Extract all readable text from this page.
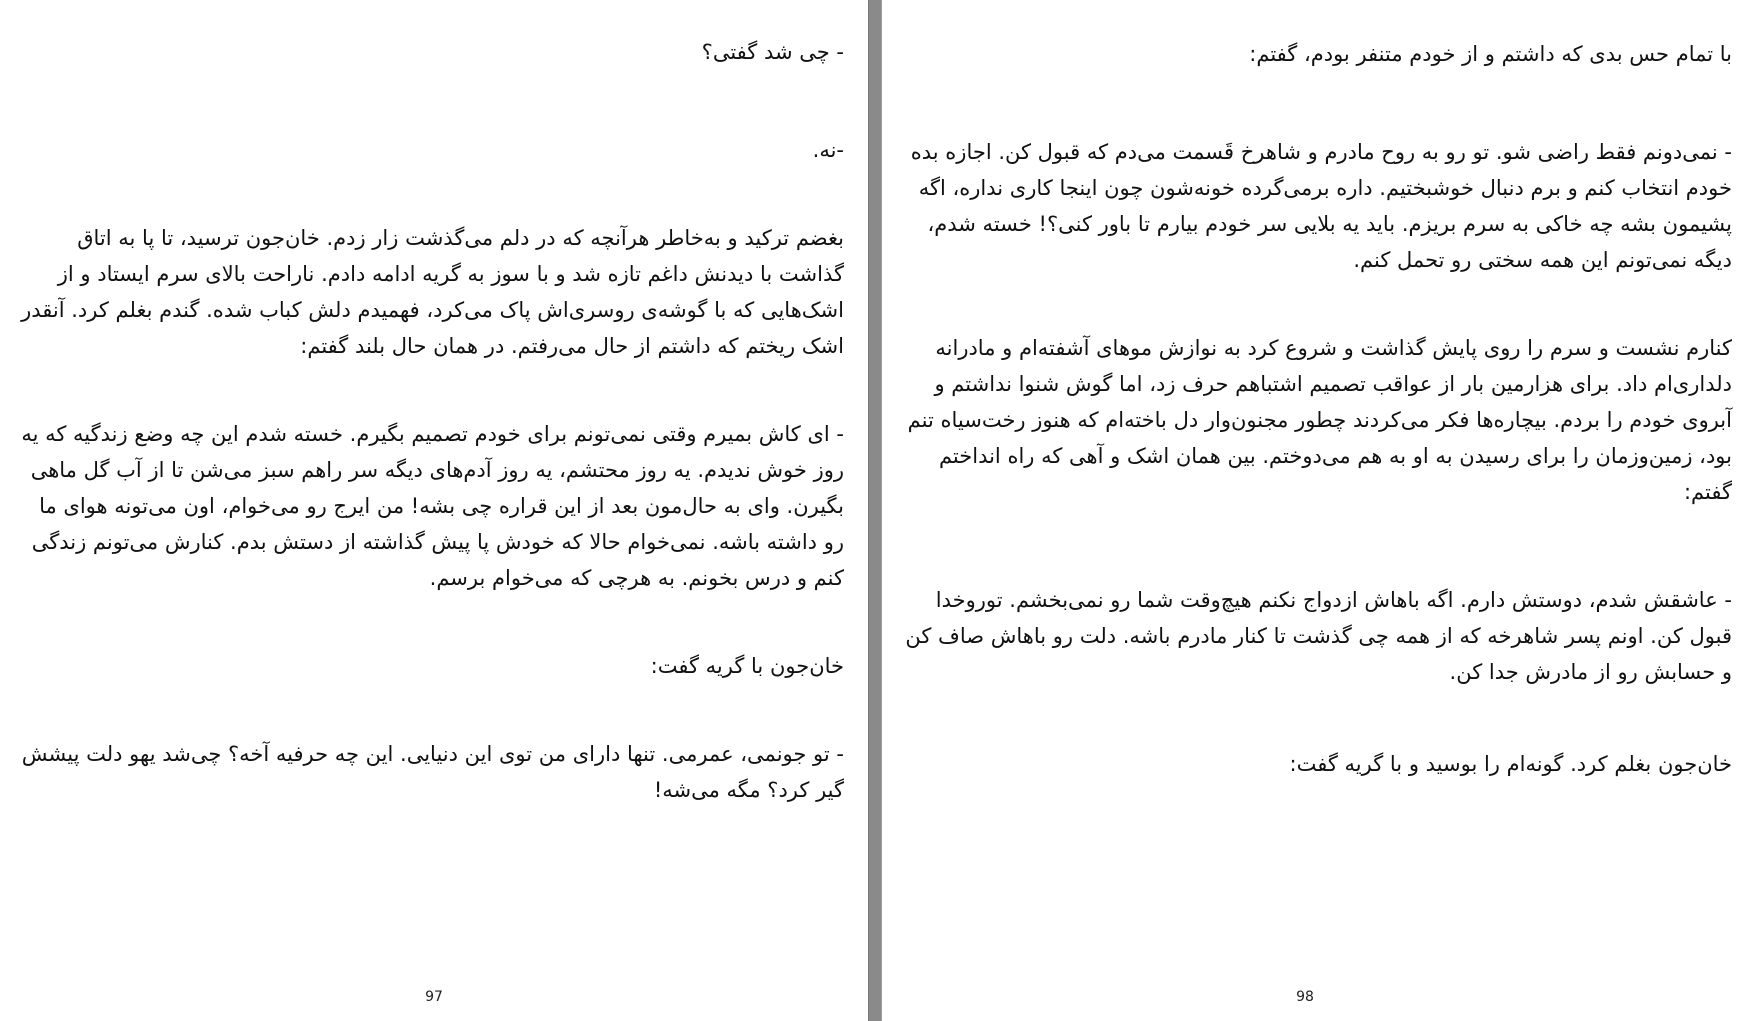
- چی شد گفتی؟

-نه.

بغضم ترکید و به‌خاطر هرآنچه که در دلم می‌گذشت زار زدم. خان‌جون ترسید، تا پا به اتاق گذاشت با دیدنش داغم تازه شد و با سوز به گریه ادامه دادم. ناراحت بالای سرم ایستاد و از اشک‌هایی که با گوشه‌ی روسری‌اش پاک می‌کرد، فهمیدم دلش کباب شده. گندم بغلم کرد. آنقدر اشک ریختم که داشتم از حال می‌رفتم. در همان حال بلند گفتم:

- ای کاش بمیرم وقتی نمی‌تونم برای خودم تصمیم بگیرم. خسته شدم این چه وضع زندگیه که یه روز خوش ندیدم. یه روز محتشم، یه روز آدم‌های دیگه سر راهم سبز می‌شن تا از آب گل ماهی بگیرن. وای به حال‌مون بعد از این قراره چی بشه! من ایرج رو می‌خوام، اون می‌تونه هوای ما رو داشته باشه. نمی‌خوام حالا که خودش پا پیش گذاشته از دستش بدم. کنارش می‌تونم زندگی کنم و درس بخونم. به هرچی که می‌خوام برسم.

خان‌جون با گریه گفت:

- تو جونمی، عمرمی. تنها دارای من توی این دنیایی. این چه حرفیه آخه؟ چی‌شد یهو دلت پیشش گیر کرد؟ مگه می‌شه!

97

با تمام حس بدی که داشتم و از خودم متنفر بودم، گفتم:

- نمی‌دونم فقط راضی شو. تو رو به روح مادرم و شاهرخ قَسمت می‌دم که قبول کن. اجازه بده خودم انتخاب کنم و برم دنبال خوشبختیم. داره برمی‌گرده خونه‌شون چون اینجا کاری نداره، اگه پشیمون بشه چه خاکی به سرم بریزم. باید یه بلایی سر خودم بیارم تا باور کنی؟! خسته شدم، دیگه نمی‌تونم این همه سختی رو تحمل کنم.

کنارم نشست و سرم را روی پایش گذاشت و شروع کرد به نوازش موهای آشفته‌ام و مادرانه دلداری‌ام داد. برای هزارمین بار از عواقب تصمیم اشتباهم حرف زد، اما گوش شنوا نداشتم و آبروی خودم را بردم. بیچاره‌ها فکر می‌کردند چطور مجنون‌وار دل باخته‌ام که هنوز رخت‌سیاه تنم بود، زمین‌وزمان را برای رسیدن به او به هم می‌دوختم. بین همان اشک و آهی که راه انداختم گفتم:

- عاشقش شدم، دوستش دارم. اگه باهاش ازدواج نکنم هیچ‌وقت شما رو نمی‌بخشم. توروخدا قبول کن. اونم پسر شاهرخه که از همه چی گذشت تا کنار مادرم باشه. دلت رو باهاش صاف کن و حسابش رو از مادرش جدا کن.

خان‌جون بغلم کرد. گونه‌ام را بوسید و با گریه گفت:

98
